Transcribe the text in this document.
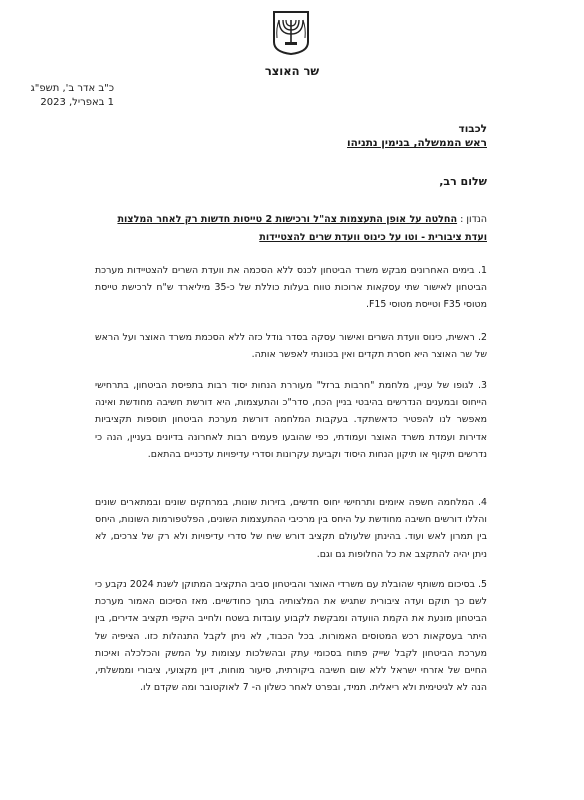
שר האוצר
כ"ב אדר ב', תשפ"ג
1 באפריל, 2023
לכבוד
ראש הממשלה, בנימין נתניהו
שלום רב,
הנדון : החלטה על אופן התעצמות צה"ל ורכישות 2 טייסות חדשות רק לאחר המלצות ועדת ציבורית - וטו על כינוס וועדת שרים להצטיידות
1. בימים האחרונים מבקש משרד הביטחון לכנס ללא הסכמה את וועדת השרים להצטיידות מערכת הביטחון לאישור שתי עסקאות ארוכות טווח בעלות כוללת של כ-35 מיליארד ש"ח לרכישת טייסת מטוסי F35 וטייסת מטוסי F15.
2. ראשית, כינוס וועדת השרים ואישור עסקה בסדר גודל כזה ללא הסכמת משרד האוצר ועל הראש של שר האוצר היא חסרת תקדים ואין בכוונתי לאפשר אותה.
3. לגופו של עניין, מלחמת "חרבות ברזל" מעוררת הנחות יסוד רבות בתפיסת הביטחון, בתרחישי הייחוס ובמענים הנדרשים בהיבטי בניין הכח, סדר"כ והתעצמות, היא דורשת חשיבה מחודשת ואינה מאפשר לנו להפטיר כדאשתקד. בעקבות המלחמה דורשת מערכת הביטחון תוספות תקציביות אדירות ועמדת משרד האוצר ועמודתי, כפי שהובעו פעמים רבות לאחרונה בדיונים בעניין, הנה כי נדרשים תיקוף או תיקון הנחות היסוד וקביעת עקרונות וסדרי עדיפויות עדכניים בהתאם.
4. המלחמה חשפה איומים ותרחישי יחוס חדשים, בזירות שונות, במרחקים שונים ובמתארים שונים והללו דורשים חשיבה מחודשת על היחס בין מרכיבי ההתעצמות השונים, הפלטפורמות השונות, היחס בין תמרון לאש ועוד. בהינתן שלעולם תקציב דורש שיח של סדרי עדיפויות ולא רק של צרכים, לא ניתן יהיה להתקצב את כל החלופות גם וגם.
5. בסיכום משותף שהובלת עם משרדי האוצר והביטחון סביב התקציב המתוקן לשנת 2024 נקבע כי לשם כך תוקם ועדה ציבורית שתגיש את המלצותיה בתוך כחודשיים. מאז הסיכום האמור מערכת הביטחון מונעת את הקמת הוועדה ומבקשת לקבוע עובדות בשטח ולחייב היקפי תקציב אדירים, בין היתר בעסקאות רכש המטוסים האמורות. בכל הכבוד, לא ניתן לקבל התנהלות כזו. הציפיה של מערכת הביטחון לקבל שייק פתוח בסכומי עתק ובהשלכות עצומות על המשק והכלכלה ואיכות החיים של אזרחי ישראל ללא שום חשיבה ביקורתית, סיעור מוחות, דיון מקצועי, ציבורי וממשלתי, הנה לא לגיטימית ולא ריאלית. תמיד, ובפרט לאחר כשלון ה- 7 לאוקטובר ומה שקדם לו.
